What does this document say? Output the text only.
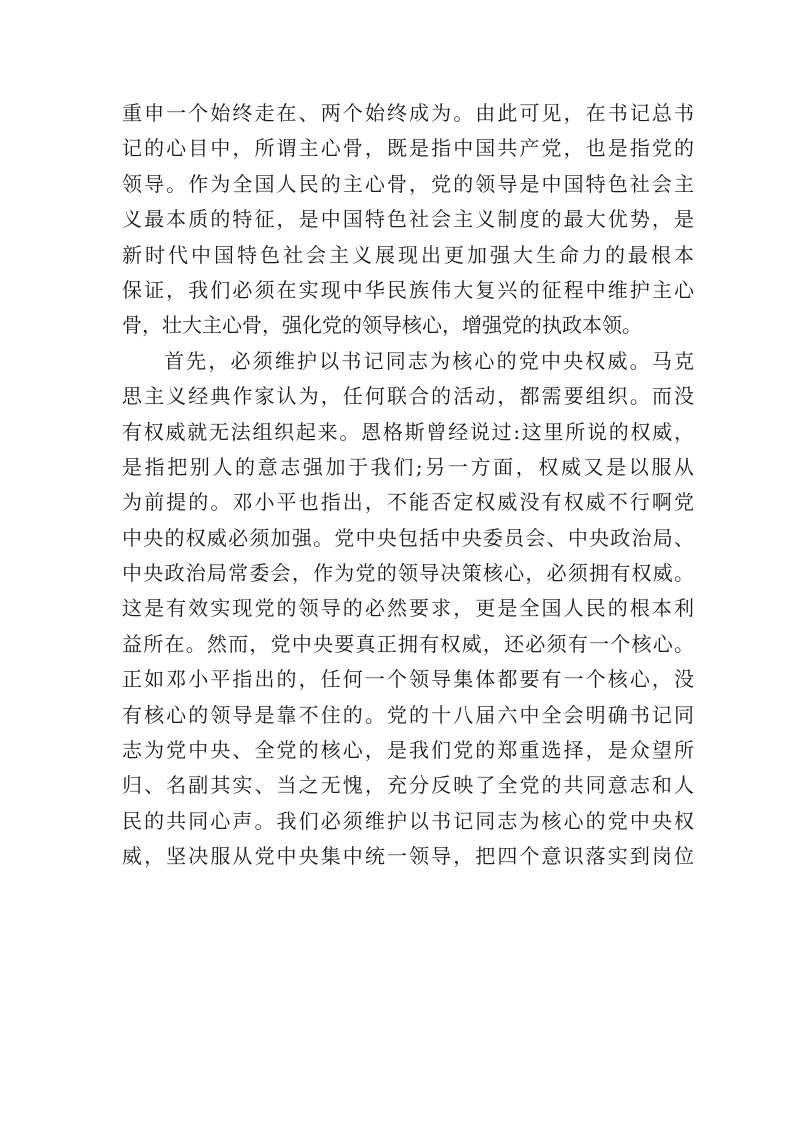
重申一个始终走在、两个始终成为。由此可见，在书记总书
记的心目中，所谓主心骨，既是指中国共产党，也是指党的
领导。作为全国人民的主心骨，党的领导是中国特色社会主
义最本质的特征，是中国特色社会主义制度的最大优势，是
新时代中国特色社会主义展现出更加强大生命力的最根本
保证，我们必须在实现中华民族伟大复兴的征程中维护主心
骨，壮大主心骨，强化党的领导核心，增强党的执政本领。
首先，必须维护以书记同志为核心的党中央权威。马克
思主义经典作家认为，任何联合的活动，都需要组织。而没
有权威就无法组织起来。恩格斯曾经说过:这里所说的权威，
是指把别人的意志强加于我们;另一方面，权威又是以服从
为前提的。邓小平也指出，不能否定权威没有权威不行啊党
中央的权威必须加强。党中央包括中央委员会、中央政治局、
中央政治局常委会，作为党的领导决策核心，必须拥有权威。
这是有效实现党的领导的必然要求，更是全国人民的根本利
益所在。然而，党中央要真正拥有权威，还必须有一个核心。
正如邓小平指出的，任何一个领导集体都要有一个核心，没
有核心的领导是靠不住的。党的十八届六中全会明确书记同
志为党中央、全党的核心，是我们党的郑重选择，是众望所
归、名副其实、当之无愧，充分反映了全党的共同意志和人
民的共同心声。我们必须维护以书记同志为核心的党中央权
威，坚决服从党中央集中统一领导，把四个意识落实到岗位
